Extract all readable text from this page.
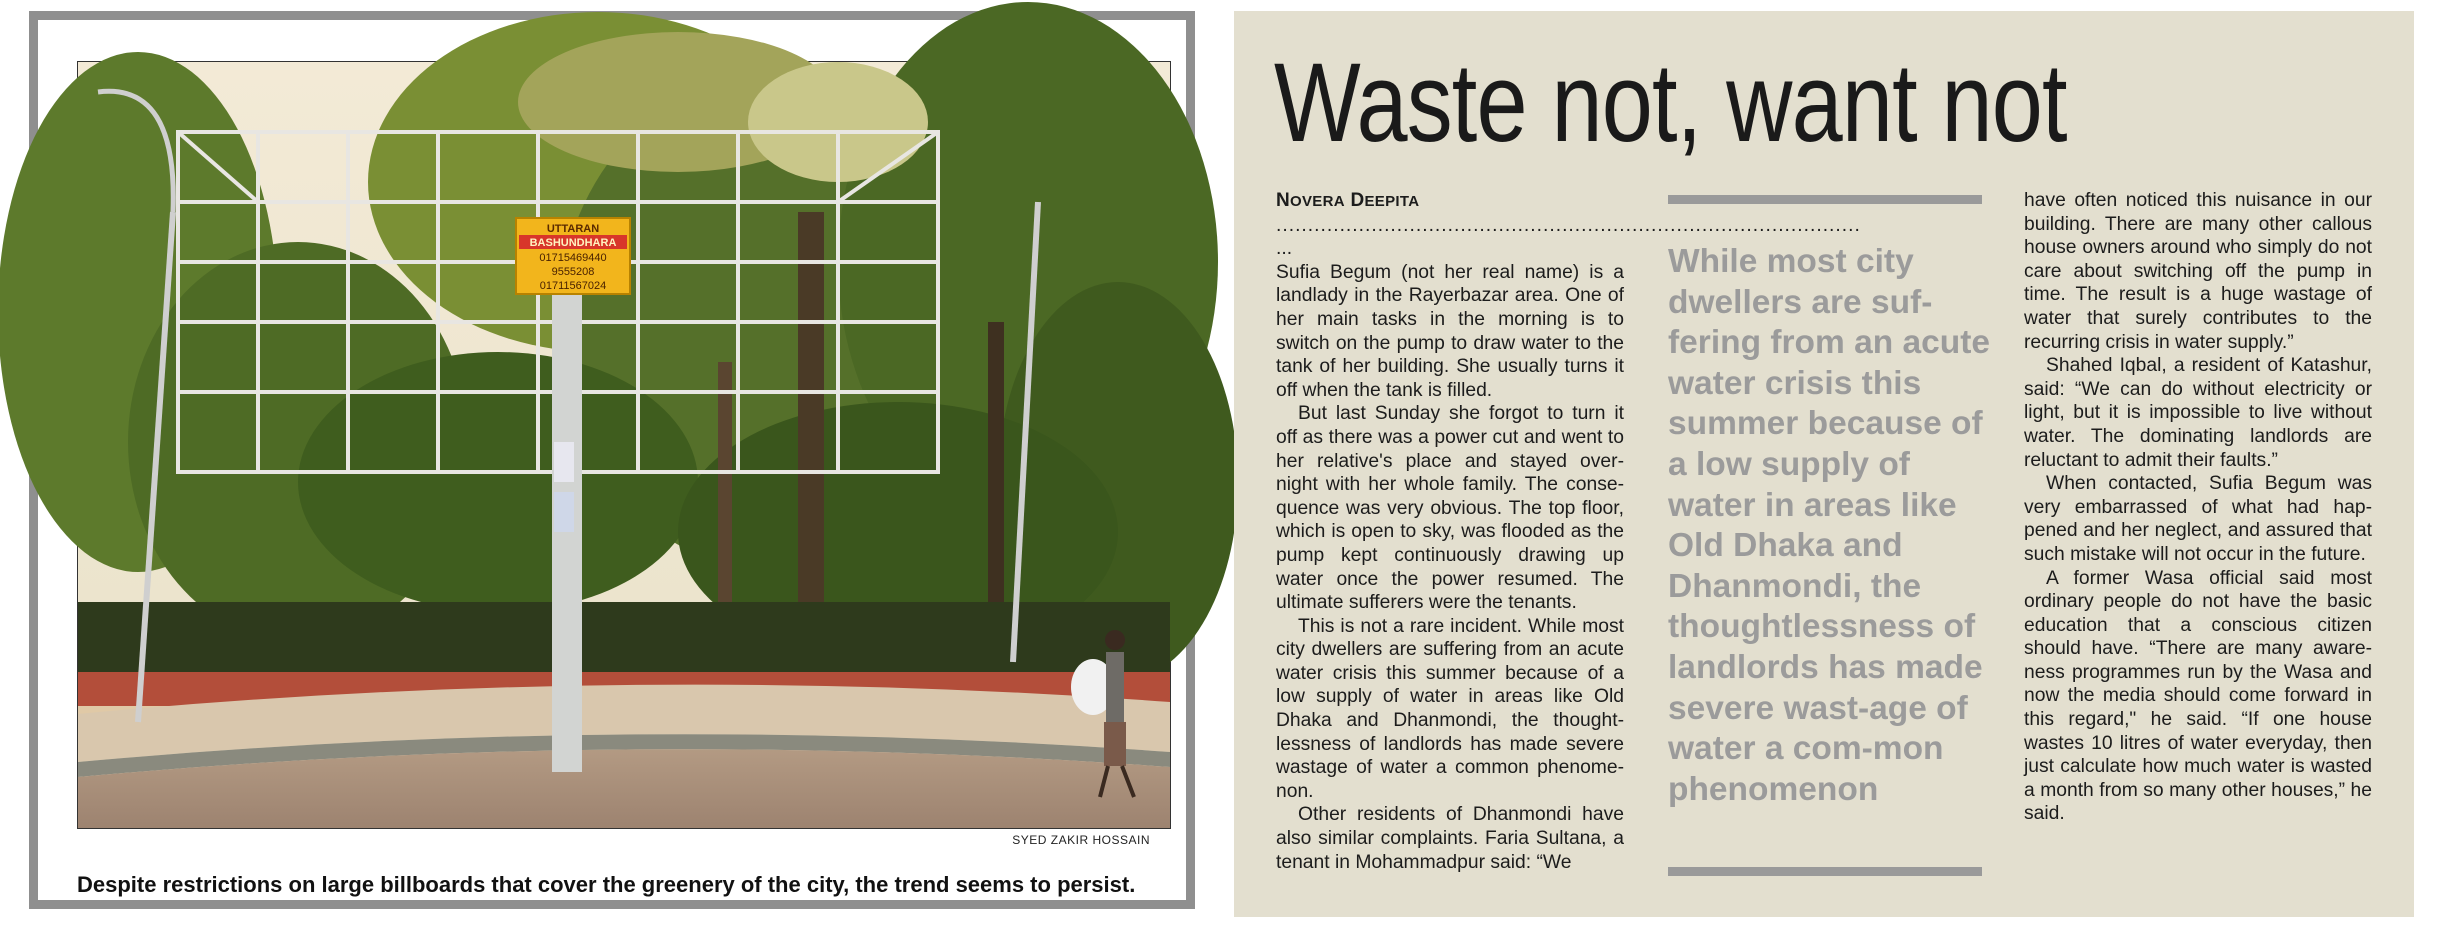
UTTARAN
BASHUNDHARA
01715469440
9555208
01711567024
SYED ZAKIR HOSSAIN
Despite restrictions on large billboards that cover the greenery of the city, the trend seems to persist.
Waste not, want not
NOVERA DEEPITA
............................................................................................

...

Sufia Begum (not her real name) is a landlady in the Rayerbazar area. One of her main tasks in the morning is to switch on the pump to draw water to the tank of her building. She usually turns it off when the tank is filled.

But last Sunday she forgot to turn it off as there was a power cut and went to her relative's place and stayed over-night with her whole family. The conse-quence was very obvious. The top floor, which is open to sky, was flooded as the pump kept continuously drawing up water once the power resumed. The ultimate sufferers were the tenants.

This is not a rare incident. While most city dwellers are suffering from an acute water crisis this summer because of a low supply of water in areas like Old Dhaka and Dhanmondi, the thought-lessness of landlords has made severe wastage of water a common phenome-non.

Other residents of Dhanmondi have also similar complaints. Faria Sultana, a tenant in Mohammadpur said: “We

While most city dwellers are suf-fering from an acute water crisis this summer because of a low supply of water in areas like Old Dhaka and Dhanmondi, the thoughtlessness of landlords has made severe wast-age of water a com-mon phenomenon

have often noticed this nuisance in our building. There are many other callous house owners around who simply do not care about switching off the pump in time. The result is a huge wastage of water that surely contributes to the recurring crisis in water supply.”

Shahed Iqbal, a resident of Katashur, said: “We can do without electricity or light, but it is impossible to live without water. The dominating landlords are reluctant to admit their faults.”

When contacted, Sufia Begum was very embarrassed of what had hap-pened and her neglect, and assured that such mistake will not occur in the future.

A former Wasa official said most ordinary people do not have the basic education that a conscious citizen should have. “There are many aware-ness programmes run by the Wasa and now the media should come forward in this regard," he said. “If one house wastes 10 litres of water everyday, then just calculate how much water is wasted a month from so many other houses,” he said.
